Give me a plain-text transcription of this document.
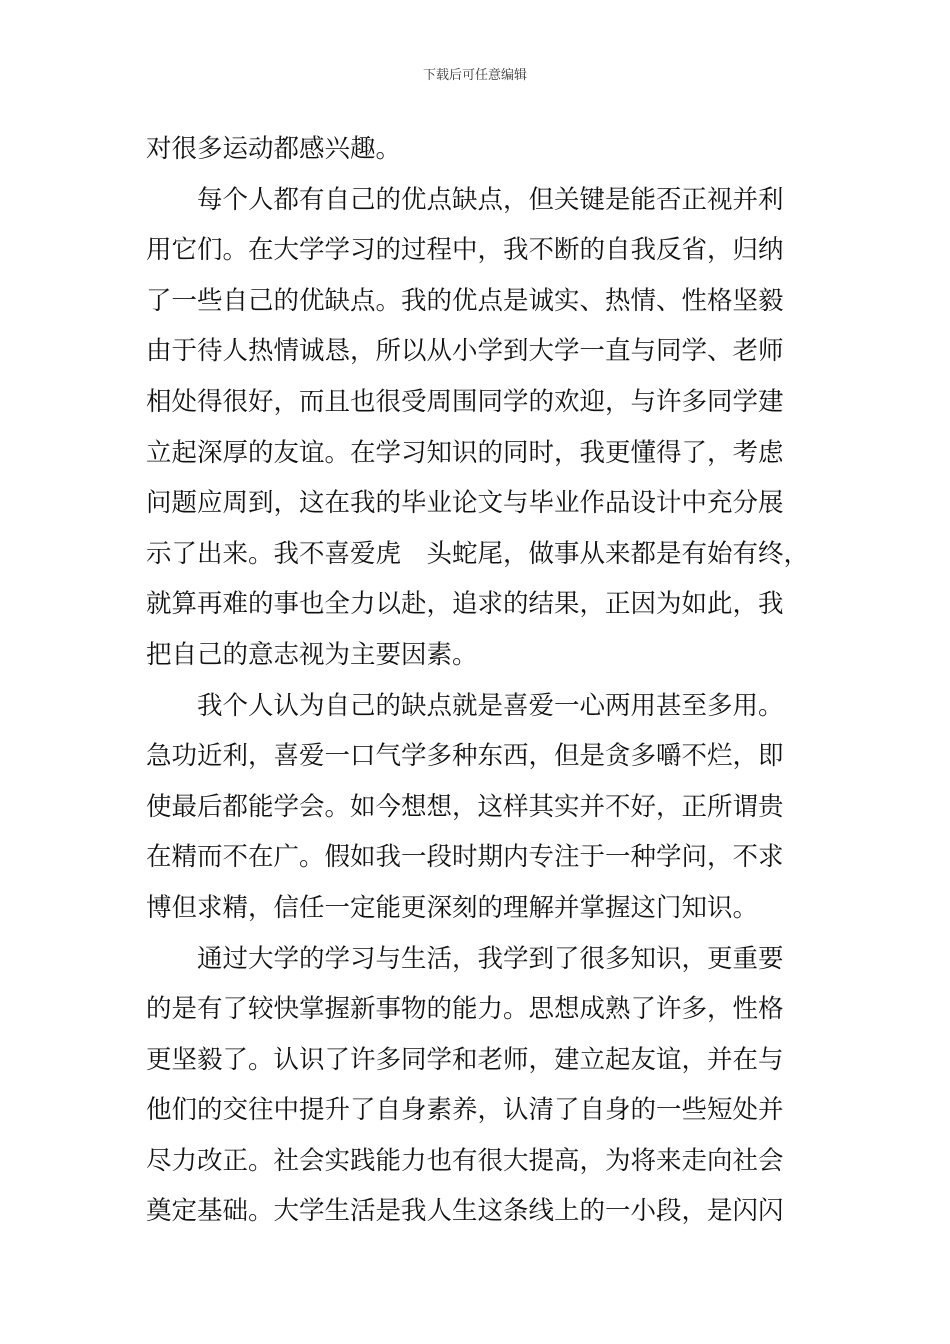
下载后可任意编辑
对很多运动都感兴趣。
每个人都有自己的优点缺点，但关键是能否正视并利
用它们。在大学学习的过程中，我不断的自我反省，归纳
了一些自己的优缺点。我的优点是诚实、热情、性格坚毅
由于待人热情诚恳，所以从小学到大学一直与同学、老师
相处得很好，而且也很受周围同学的欢迎，与许多同学建
立起深厚的友谊。在学习知识的同时，我更懂得了，考虑
问题应周到，这在我的毕业论文与毕业作品设计中充分展
示了出来。我不喜爱虎　头蛇尾，做事从来都是有始有终，
就算再难的事也全力以赴，追求的结果，正因为如此，我
把自己的意志视为主要因素。
我个人认为自己的缺点就是喜爱一心两用甚至多用。
急功近利，喜爱一口气学多种东西，但是贪多嚼不烂，即
使最后都能学会。如今想想，这样其实并不好，正所谓贵
在精而不在广。假如我一段时期内专注于一种学问，不求
博但求精，信任一定能更深刻的理解并掌握这门知识。
通过大学的学习与生活，我学到了很多知识，更重要
的是有了较快掌握新事物的能力。思想成熟了许多，性格
更坚毅了。认识了许多同学和老师，建立起友谊，并在与
他们的交往中提升了自身素养，认清了自身的一些短处并
尽力改正。社会实践能力也有很大提高，为将来走向社会
奠定基础。大学生活是我人生这条线上的一小段，是闪闪
